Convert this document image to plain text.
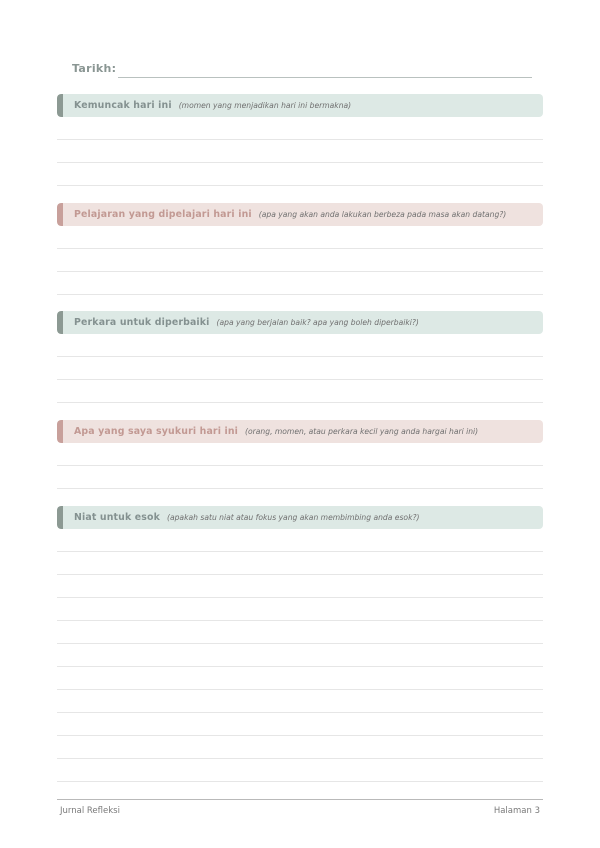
Tarikh:
Kemuncak hari ini (momen yang menjadikan hari ini bermakna)
Pelajaran yang dipelajari hari ini (apa yang akan anda lakukan berbeza pada masa akan datang?)
Perkara untuk diperbaiki (apa yang berjalan baik? apa yang boleh diperbaiki?)
Apa yang saya syukuri hari ini (orang, momen, atau perkara kecil yang anda hargai hari ini)
Niat untuk esok (apakah satu niat atau fokus yang akan membimbing anda esok?)
Jurnal Refleksi	Halaman 3
